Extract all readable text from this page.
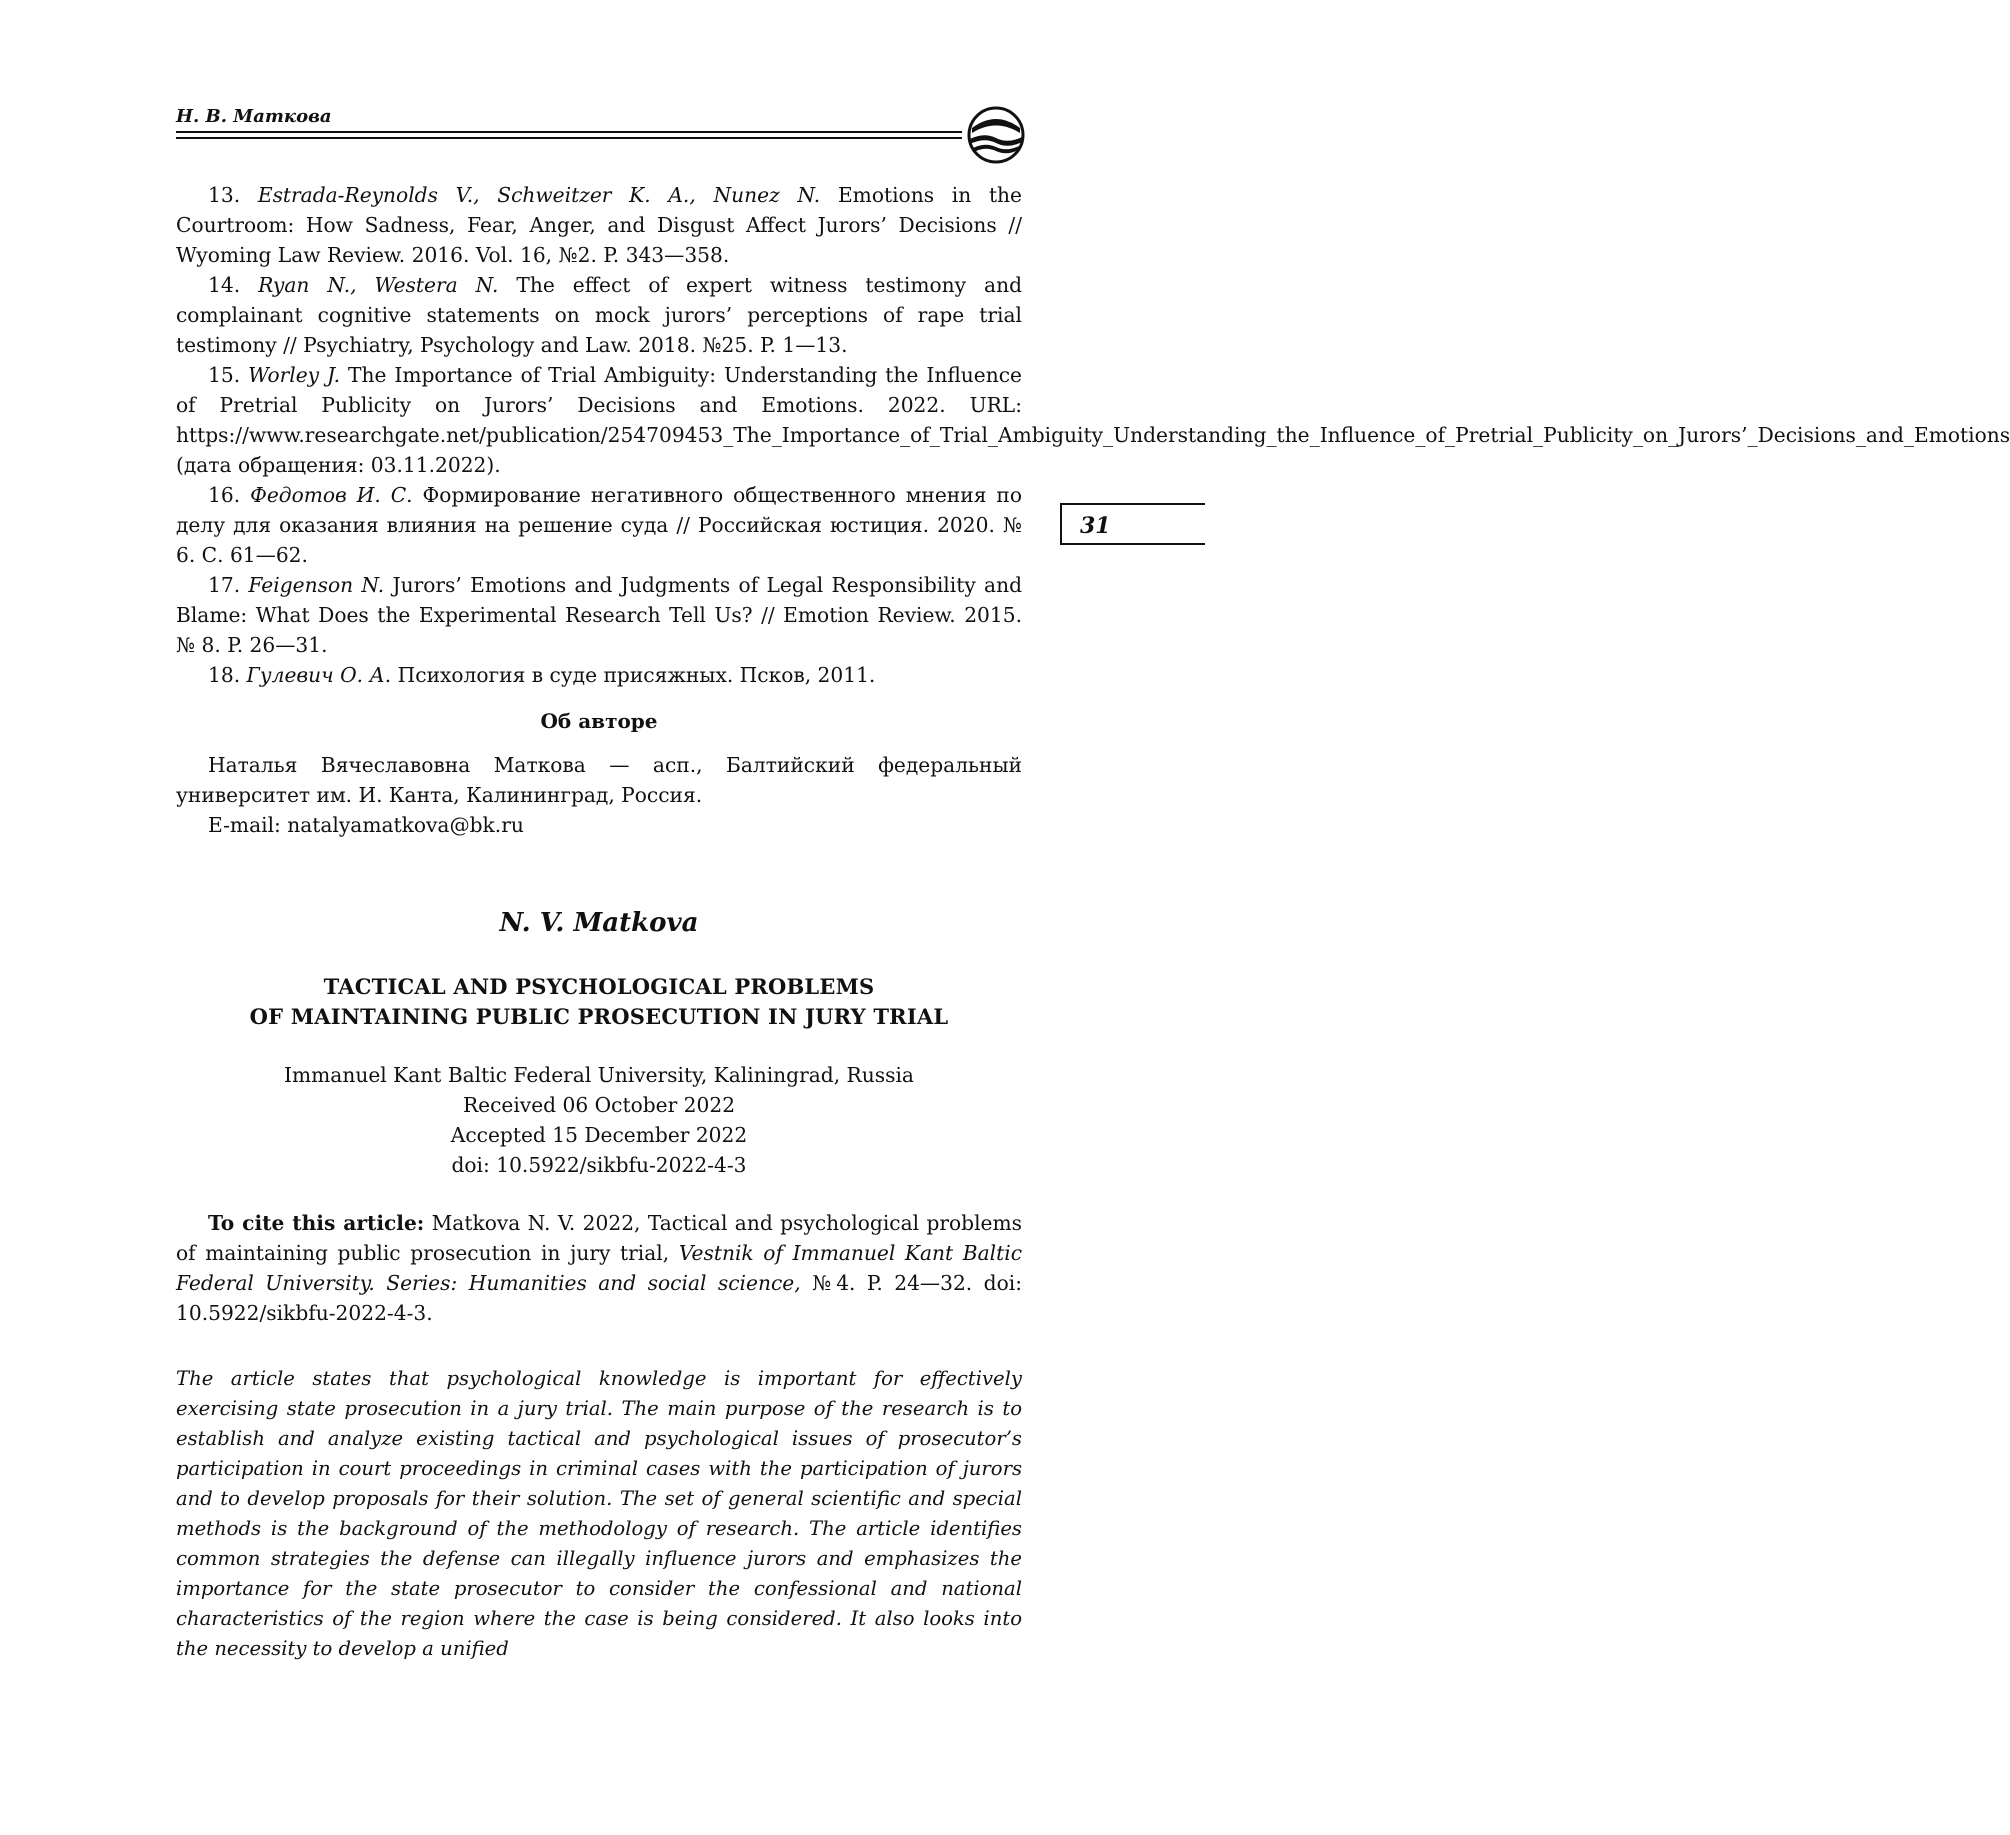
Н. В. Маткова
31

13. Estrada-Reynolds V., Schweitzer K. A., Nunez N. Emotions in the Courtroom: How Sadness, Fear, Anger, and Disgust Affect Jurors’ Decisions // Wyoming Law Review. 2016. Vol. 16, №2. P. 343—358.

14. Ryan N., Westera N. The effect of expert witness testimony and complainant cognitive statements on mock jurors’ perceptions of rape trial testimony // Psychiatry, Psychology and Law. 2018. №25. P. 1—13.

15. Worley J. The Importance of Trial Ambiguity: Understanding the Influence of Pretrial Publicity on Jurors’ Decisions and Emotions. 2022. URL: https://www.researchgate.net/publication/254709453_The_Importance_of_Trial_Ambiguity_Understanding_the_Influence_of_Pretrial_Publicity_on_Jurors’_Decisions_and_Emotions (дата обращения: 03.11.2022).

16. Федотов И. С. Формирование негативного общественного мнения по делу для оказания влияния на решение суда // Российская юстиция. 2020. № 6. С. 61—62.

17. Feigenson N. Jurors’ Emotions and Judgments of Legal Responsibility and Blame: What Does the Experimental Research Tell Us? // Emotion Review. 2015. № 8. P. 26—31.

18. Гулевич О. А. Психология в суде присяжных. Псков, 2011.

Об авторе

Наталья Вячеславовна Маткова — асп., Балтийский федеральный университет им. И. Канта, Калининград, Россия.

E-mail: natalyamatkova@bk.ru

N. V. Matkova
TACTICAL AND PSYCHOLOGICAL PROBLEMS
OF MAINTAINING PUBLIC PROSECUTION IN JURY TRIAL
Immanuel Kant Baltic Federal University, Kaliningrad, Russia
Received 06 October 2022
Accepted 15 December 2022
doi: 10.5922/sikbfu-2022-4-3

To cite this article: Matkova N. V. 2022, Tactical and psychological problems of maintaining public prosecution in jury trial, Vestnik of Immanuel Kant Baltic Federal University. Series: Humanities and social science, №4. P. 24—32. doi: 10.5922/sikbfu-2022-4-3.

The article states that psychological knowledge is important for effectively exercising state prosecution in a jury trial. The main purpose of the research is to establish and analyze existing tactical and psychological issues of prosecutor’s participation in court proceedings in criminal cases with the participation of jurors and to develop proposals for their solution. The set of general scientific and special methods is the background of the methodology of research. The article identifies common strategies the defense can illegally influence jurors and emphasizes the importance for the state prosecutor to consider the confessional and national characteristics of the region where the case is being considered. It also looks into the necessity to develop a unified
